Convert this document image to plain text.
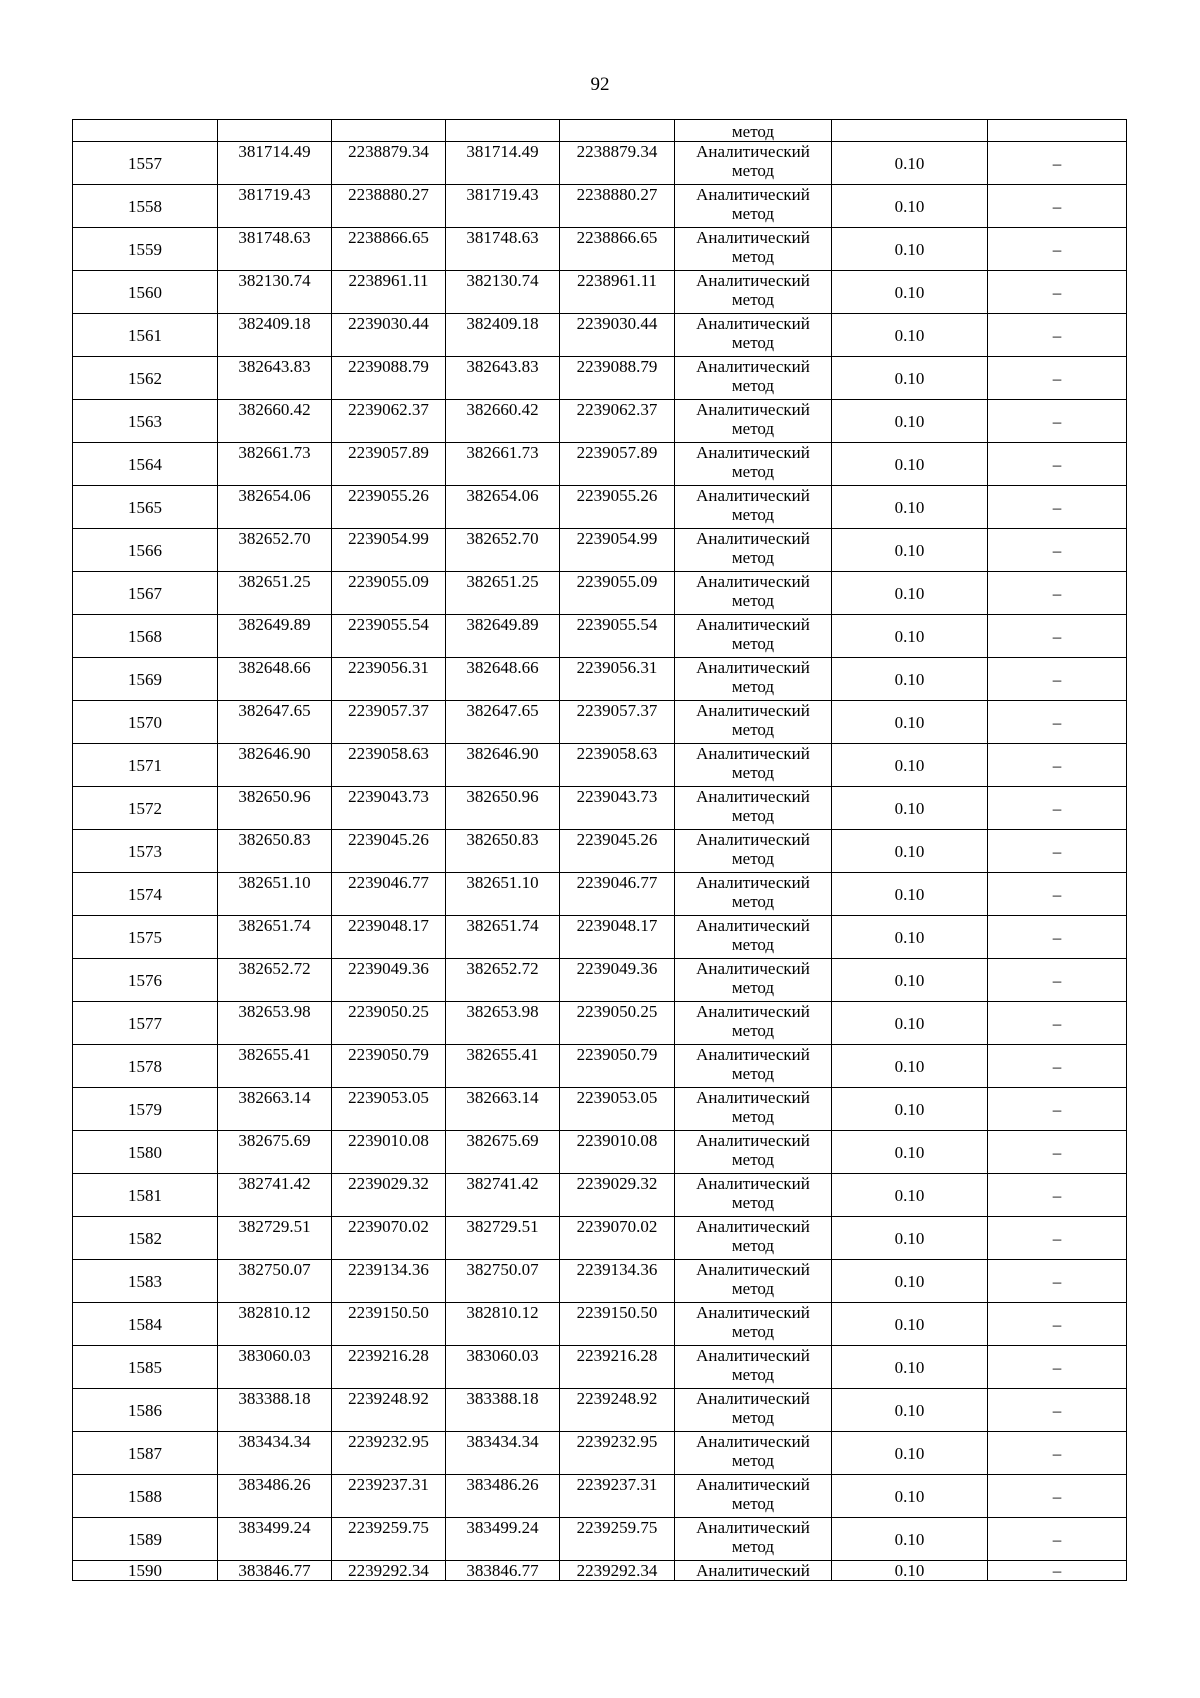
92
					метод		
1557	381714.49	2238879.34	381714.49	2238879.34	Аналитический
метод	0.10	–
1558	381719.43	2238880.27	381719.43	2238880.27	Аналитический
метод	0.10	–
1559	381748.63	2238866.65	381748.63	2238866.65	Аналитический
метод	0.10	–
1560	382130.74	2238961.11	382130.74	2238961.11	Аналитический
метод	0.10	–
1561	382409.18	2239030.44	382409.18	2239030.44	Аналитический
метод	0.10	–
1562	382643.83	2239088.79	382643.83	2239088.79	Аналитический
метод	0.10	–
1563	382660.42	2239062.37	382660.42	2239062.37	Аналитический
метод	0.10	–
1564	382661.73	2239057.89	382661.73	2239057.89	Аналитический
метод	0.10	–
1565	382654.06	2239055.26	382654.06	2239055.26	Аналитический
метод	0.10	–
1566	382652.70	2239054.99	382652.70	2239054.99	Аналитический
метод	0.10	–
1567	382651.25	2239055.09	382651.25	2239055.09	Аналитический
метод	0.10	–
1568	382649.89	2239055.54	382649.89	2239055.54	Аналитический
метод	0.10	–
1569	382648.66	2239056.31	382648.66	2239056.31	Аналитический
метод	0.10	–
1570	382647.65	2239057.37	382647.65	2239057.37	Аналитический
метод	0.10	–
1571	382646.90	2239058.63	382646.90	2239058.63	Аналитический
метод	0.10	–
1572	382650.96	2239043.73	382650.96	2239043.73	Аналитический
метод	0.10	–
1573	382650.83	2239045.26	382650.83	2239045.26	Аналитический
метод	0.10	–
1574	382651.10	2239046.77	382651.10	2239046.77	Аналитический
метод	0.10	–
1575	382651.74	2239048.17	382651.74	2239048.17	Аналитический
метод	0.10	–
1576	382652.72	2239049.36	382652.72	2239049.36	Аналитический
метод	0.10	–
1577	382653.98	2239050.25	382653.98	2239050.25	Аналитический
метод	0.10	–
1578	382655.41	2239050.79	382655.41	2239050.79	Аналитический
метод	0.10	–
1579	382663.14	2239053.05	382663.14	2239053.05	Аналитический
метод	0.10	–
1580	382675.69	2239010.08	382675.69	2239010.08	Аналитический
метод	0.10	–
1581	382741.42	2239029.32	382741.42	2239029.32	Аналитический
метод	0.10	–
1582	382729.51	2239070.02	382729.51	2239070.02	Аналитический
метод	0.10	–
1583	382750.07	2239134.36	382750.07	2239134.36	Аналитический
метод	0.10	–
1584	382810.12	2239150.50	382810.12	2239150.50	Аналитический
метод	0.10	–
1585	383060.03	2239216.28	383060.03	2239216.28	Аналитический
метод	0.10	–
1586	383388.18	2239248.92	383388.18	2239248.92	Аналитический
метод	0.10	–
1587	383434.34	2239232.95	383434.34	2239232.95	Аналитический
метод	0.10	–
1588	383486.26	2239237.31	383486.26	2239237.31	Аналитический
метод	0.10	–
1589	383499.24	2239259.75	383499.24	2239259.75	Аналитический
метод	0.10	–
1590	383846.77	2239292.34	383846.77	2239292.34	Аналитический	0.10	–
